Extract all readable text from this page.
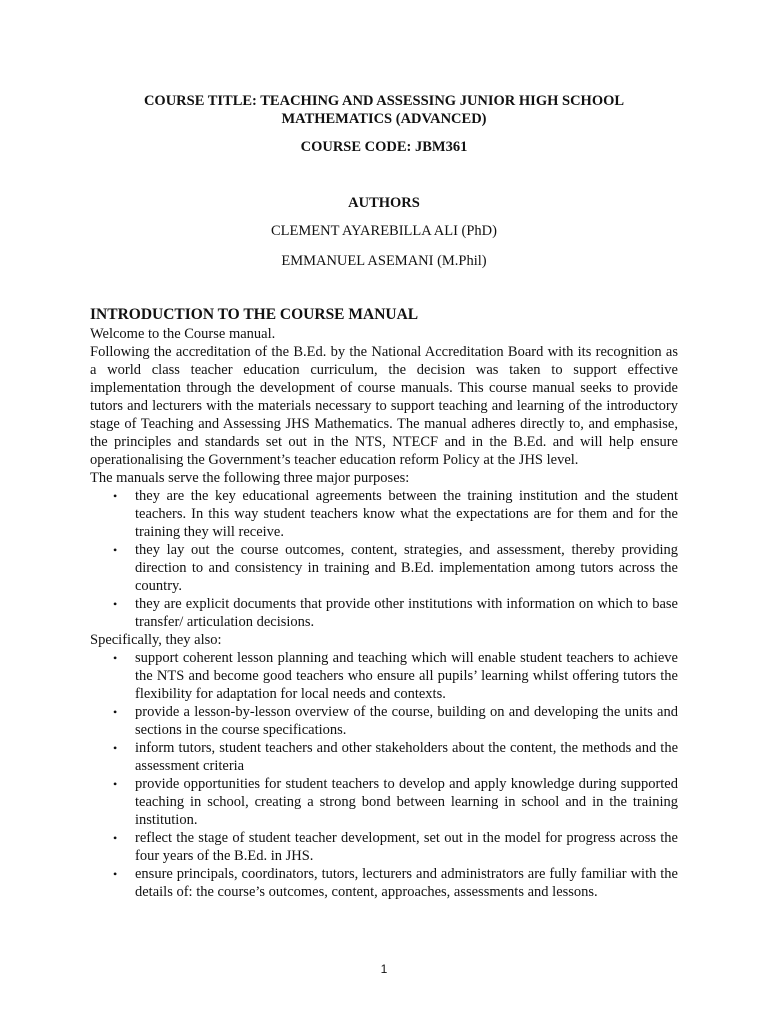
COURSE TITLE: TEACHING AND ASSESSING JUNIOR HIGH SCHOOL
MATHEMATICS (ADVANCED)
COURSE CODE: JBM361
AUTHORS
CLEMENT AYAREBILLA ALI (PhD)
EMMANUEL ASEMANI (M.Phil)

INTRODUCTION TO THE COURSE MANUAL

Welcome to the Course manual.

Following the accreditation of the B.Ed. by the National Accreditation Board with its recognition as a world class teacher education curriculum, the decision was taken to support effective implementation through the development of course manuals. This course manual seeks to provide tutors and lecturers with the materials necessary to support teaching and learning of the introductory stage of Teaching and Assessing JHS Mathematics. The manual adheres directly to, and emphasise, the principles and standards set out in the NTS, NTECF and in the B.Ed. and will help ensure operationalising the Government’s teacher education reform Policy at the JHS level.

The manuals serve the following three major purposes:

• they are the key educational agreements between the training institution and the student teachers. In this way student teachers know what the expectations are for them and for the training they will receive.
• they lay out the course outcomes, content, strategies, and assessment, thereby providing direction to and consistency in training and B.Ed. implementation among tutors across the country.
• they are explicit documents that provide other institutions with information on which to base transfer/ articulation decisions.

Specifically, they also:

• support coherent lesson planning and teaching which will enable student teachers to achieve the NTS and become good teachers who ensure all pupils’ learning whilst offering tutors the flexibility for adaptation for local needs and contexts.
• provide a lesson-by-lesson overview of the course, building on and developing the units and sections in the course specifications.
• inform tutors, student teachers and other stakeholders about the content, the methods and the assessment criteria
• provide opportunities for student teachers to develop and apply knowledge during supported teaching in school, creating a strong bond between learning in school and in the training institution.
• reflect the stage of student teacher development, set out in the model for progress across the four years of the B.Ed. in JHS.
• ensure principals, coordinators, tutors, lecturers and administrators are fully familiar with the details of: the course’s outcomes, content, approaches, assessments and lessons.
1
